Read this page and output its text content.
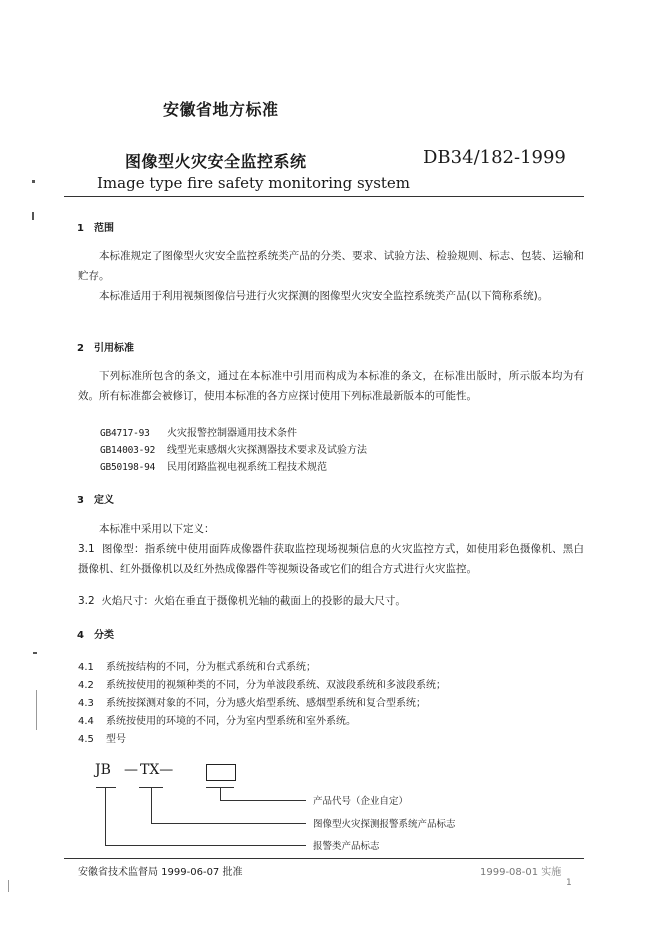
安徽省地方标准
图像型火灾安全监控系统	DB34/182-1999
Image type fire safety monitoring system
1 范围
本标准规定了图像型火灾安全监控系统类产品的分类、要求、试验方法、检验规则、标志、包装、运输和贮存。
本标准适用于利用视频图像信号进行火灾探测的图像型火灾安全监控系统类产品(以下简称系统)。
2 引用标准
下列标准所包含的条文，通过在本标准中引用而构成为本标准的条文，在标准出版时，所示版本均为有效。所有标准都会被修订，使用本标准的各方应探讨使用下列标准最新版本的可能性。
GB4717-93 火灾报警控制器通用技术条件
GB14003-92 线型光束感烟火灾探测器技术要求及试验方法
GB50198-94 民用闭路监视电视系统工程技术规范
3 定义
本标准中采用以下定义：
3.1 图像型：指系统中使用面阵成像器件获取监控现场视频信息的火灾监控方式，如使用彩色摄像机、黑白摄像机、红外摄像机以及红外热成像器件等视频设备或它们的组合方式进行火灾监控。
3.2 火焰尺寸：火焰在垂直于摄像机光轴的截面上的投影的最大尺寸。
4 分类
4.1 系统按结构的不同，分为框式系统和台式系统；
4.2 系统按使用的视频种类的不同，分为单波段系统、双波段系统和多波段系统；
4.3 系统按探测对象的不同，分为感火焰型系统、感烟型系统和复合型系统；
4.4 系统按使用的环境的不同，分为室内型系统和室外系统。
4.5 型号
JB — TX—
产品代号（企业自定）
图像型火灾探测报警系统产品标志
报警类产品标志
安徽省技术监督局 1999-06-07 批准	1999-08-01 实施
1
